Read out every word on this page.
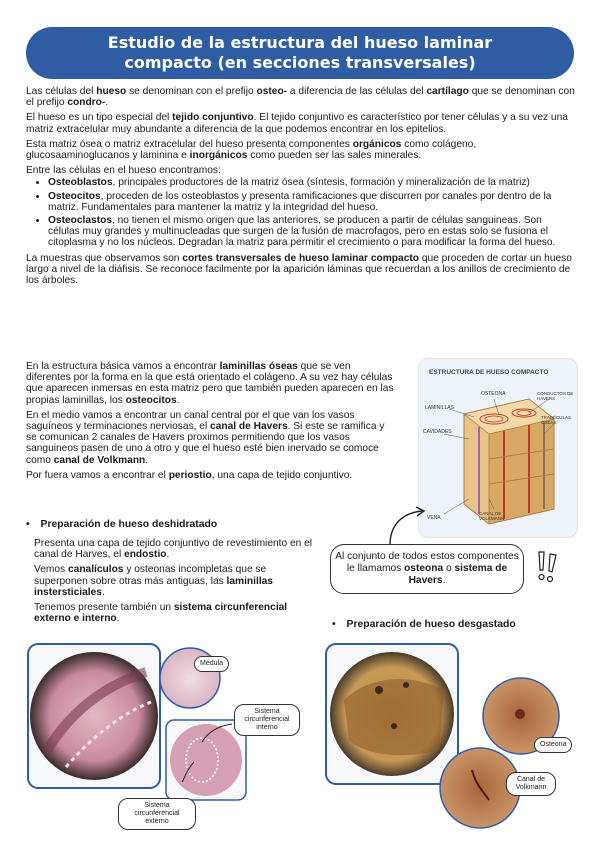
Estudio de la estructura del hueso laminar
compacto (en secciones transversales)

Las células del hueso se denominan con el prefijo osteo- a diferencia de las células del cartílago que se denominan con el prefijo condro-.

El hueso es un tipo especial del tejido conjuntivo. El tejido conjuntivo es característico por tener células y a su vez una matriz extracelular muy abundante a diferencia de la que podemos encontrar en los epitelios.

Esta matriz ósea o matriz extracelular del hueso presenta componentes orgánicos como colágeno, glucosaaminoglucanos y laminina e inorgánicos como pueden ser las sales minerales.

Entre las células en el hueso encontramos:

• Osteoblastos, principales productores de la matriz ósea (síntesis, formación y mineralización de la matriz)
• Osteocitos, proceden de los osteoblastos y presenta ramificaciones que discurren por canales por dentro de la matriz. Fundamentales para mantener la matriz y la integridad del hueso.
• Osteoclastos, no tienen el mismo origen que las anteriores, se producen a partir de células sanguineas. Son células muy grandes y multinucleadas que surgen de la fusión de macrofagos, pero en estas solo se fusiona el citoplasma y no los núcleos. Degradan la matriz para permitir el crecimiento o para modificar la forma del hueso.

La muestras que observamos son cortes transversales de hueso laminar compacto que proceden de cortar un hueso largo a nivel de la diáfisis. Se reconoce facilmente por la aparición láminas que recuerdan a los anillos de crecimiento de los árboles.

En la estructura básica vamos a encontrar laminillas óseas que se ven diferentes por la forma en la que está orientado el colágeno. A su vez hay células que aparecen inmersas en esta matriz pero que también pueden aparecen en las propias laminillas, los osteocitos.

En el medio vamos a encontrar un canal central por el que van los vasos saguíneos y terminaciones nerviosas, el canal de Havers. Si este se ramifica y se comunican 2 canales de Havers proximos permitiendo que los vasos sanguineos pasen de uno a otro y que el hueso esté bien inervado se comoce como canal de Volkmann.

Por fuera vamos a encontrar el periostio, una capa de tejido conjuntivo.

ESTRUCTURA DE HUESO COMPACTO
OSTEONA	CONDUCTOS DE HAVERS
LAMINILLAS
TRABÉCULAS ÓSEAS
CAVIDADES
CANAL DE VOLKMANN
VENA
Al conjunto de todos estos componentes le llamamos osteona o sistema de Havers.
• Preparación de hueso deshidratado

Presenta una capa de tejido conjuntivo de revestimiento en el canal de Harves, el endostio.

Vemos canalículos y osteonas incompletas que se superponen sobre otras más antiguas, las laminillas instersticiales.

Tenemos presente también un sistema circunferencial externo e interno.

• Preparación de hueso desgastado
Médula
Sistema circunferencial interno
Sistema circunferencial externo
Osteona
Canal de Volkmann
